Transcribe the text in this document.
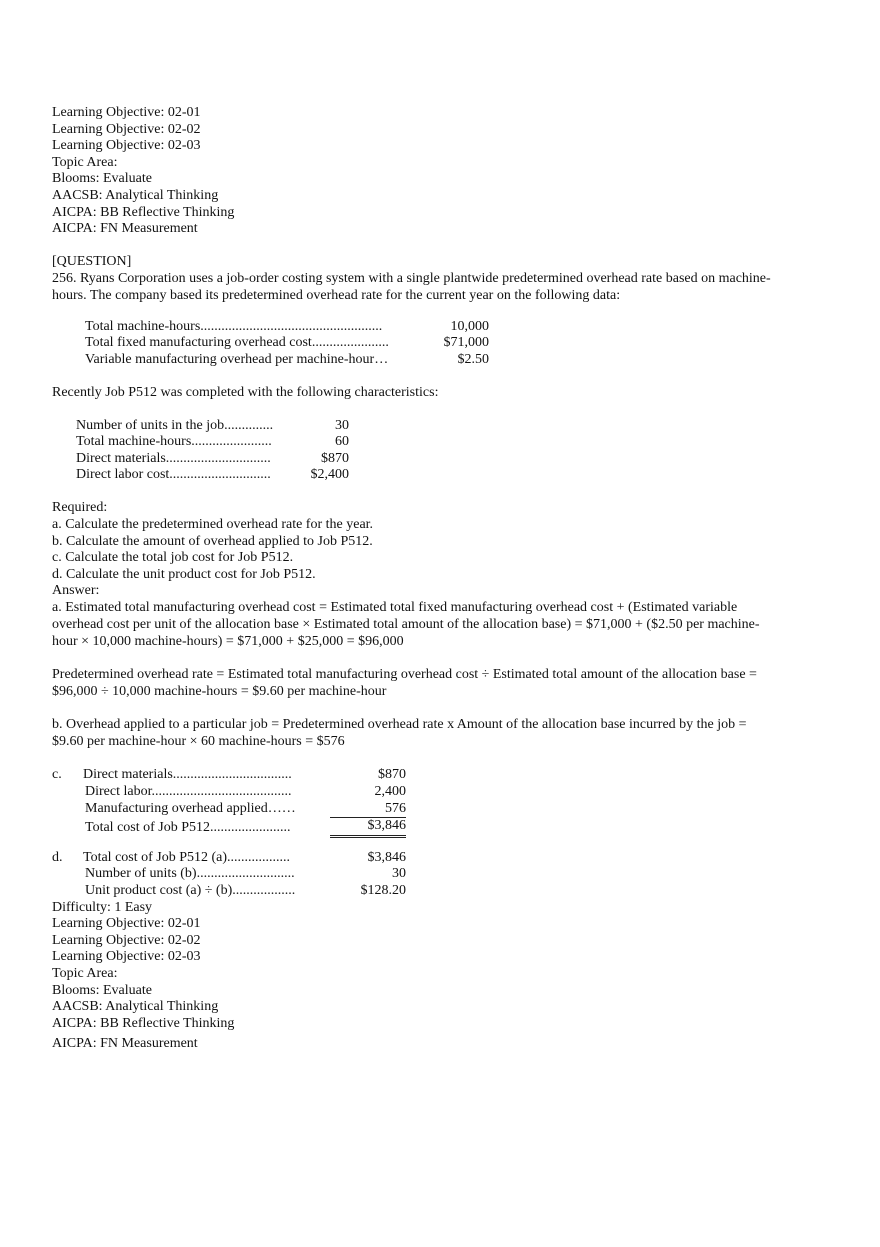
Learning Objective: 02-01
Learning Objective: 02-02
Learning Objective: 02-03
Topic Area:
Blooms: Evaluate
AACSB: Analytical Thinking
AICPA: BB Reflective Thinking
AICPA: FN Measurement
[QUESTION]
256. Ryans Corporation uses a job-order costing system with a single plantwide predetermined overhead rate based on machine-hours. The company based its predetermined overhead rate for the current year on the following data:
Total machine-hours....................................................	10,000
Total fixed manufacturing overhead cost......................	$71,000
Variable manufacturing overhead per machine-hour…	$2.50
Recently Job P512 was completed with the following characteristics:
Number of units in the job..............	30
Total machine-hours.......................	60
Direct materials..............................	$870
Direct labor cost.............................	$2,400
Required:
a. Calculate the predetermined overhead rate for the year.
b. Calculate the amount of overhead applied to Job P512.
c. Calculate the total job cost for Job P512.
d. Calculate the unit product cost for Job P512.
Answer:
a. Estimated total manufacturing overhead cost = Estimated total fixed manufacturing overhead cost + (Estimated variable overhead cost per unit of the allocation base × Estimated total amount of the allocation base) = $71,000 + ($2.50 per machine-hour × 10,000 machine-hours) = $71,000 + $25,000 = $96,000
Predetermined overhead rate = Estimated total manufacturing overhead cost ÷ Estimated total amount of the allocation base = $96,000 ÷ 10,000 machine-hours = $9.60 per machine-hour
b. Overhead applied to a particular job = Predetermined overhead rate x Amount of the allocation base incurred by the job = $9.60 per machine-hour × 60 machine-hours = $576
c.	Direct materials..................................	$870
	Direct labor........................................	2,400
	Manufacturing overhead applied……	576
	Total cost of Job P512.......................	$3,846
d.	Total cost of Job P512 (a)..................	$3,846
	Number of units (b)............................	30
	Unit product cost (a) ÷ (b)..................	$128.20
Difficulty: 1 Easy
Learning Objective: 02-01
Learning Objective: 02-02
Learning Objective: 02-03
Topic Area:
Blooms: Evaluate
AACSB: Analytical Thinking
AICPA: BB Reflective Thinking
AICPA: FN Measurement
